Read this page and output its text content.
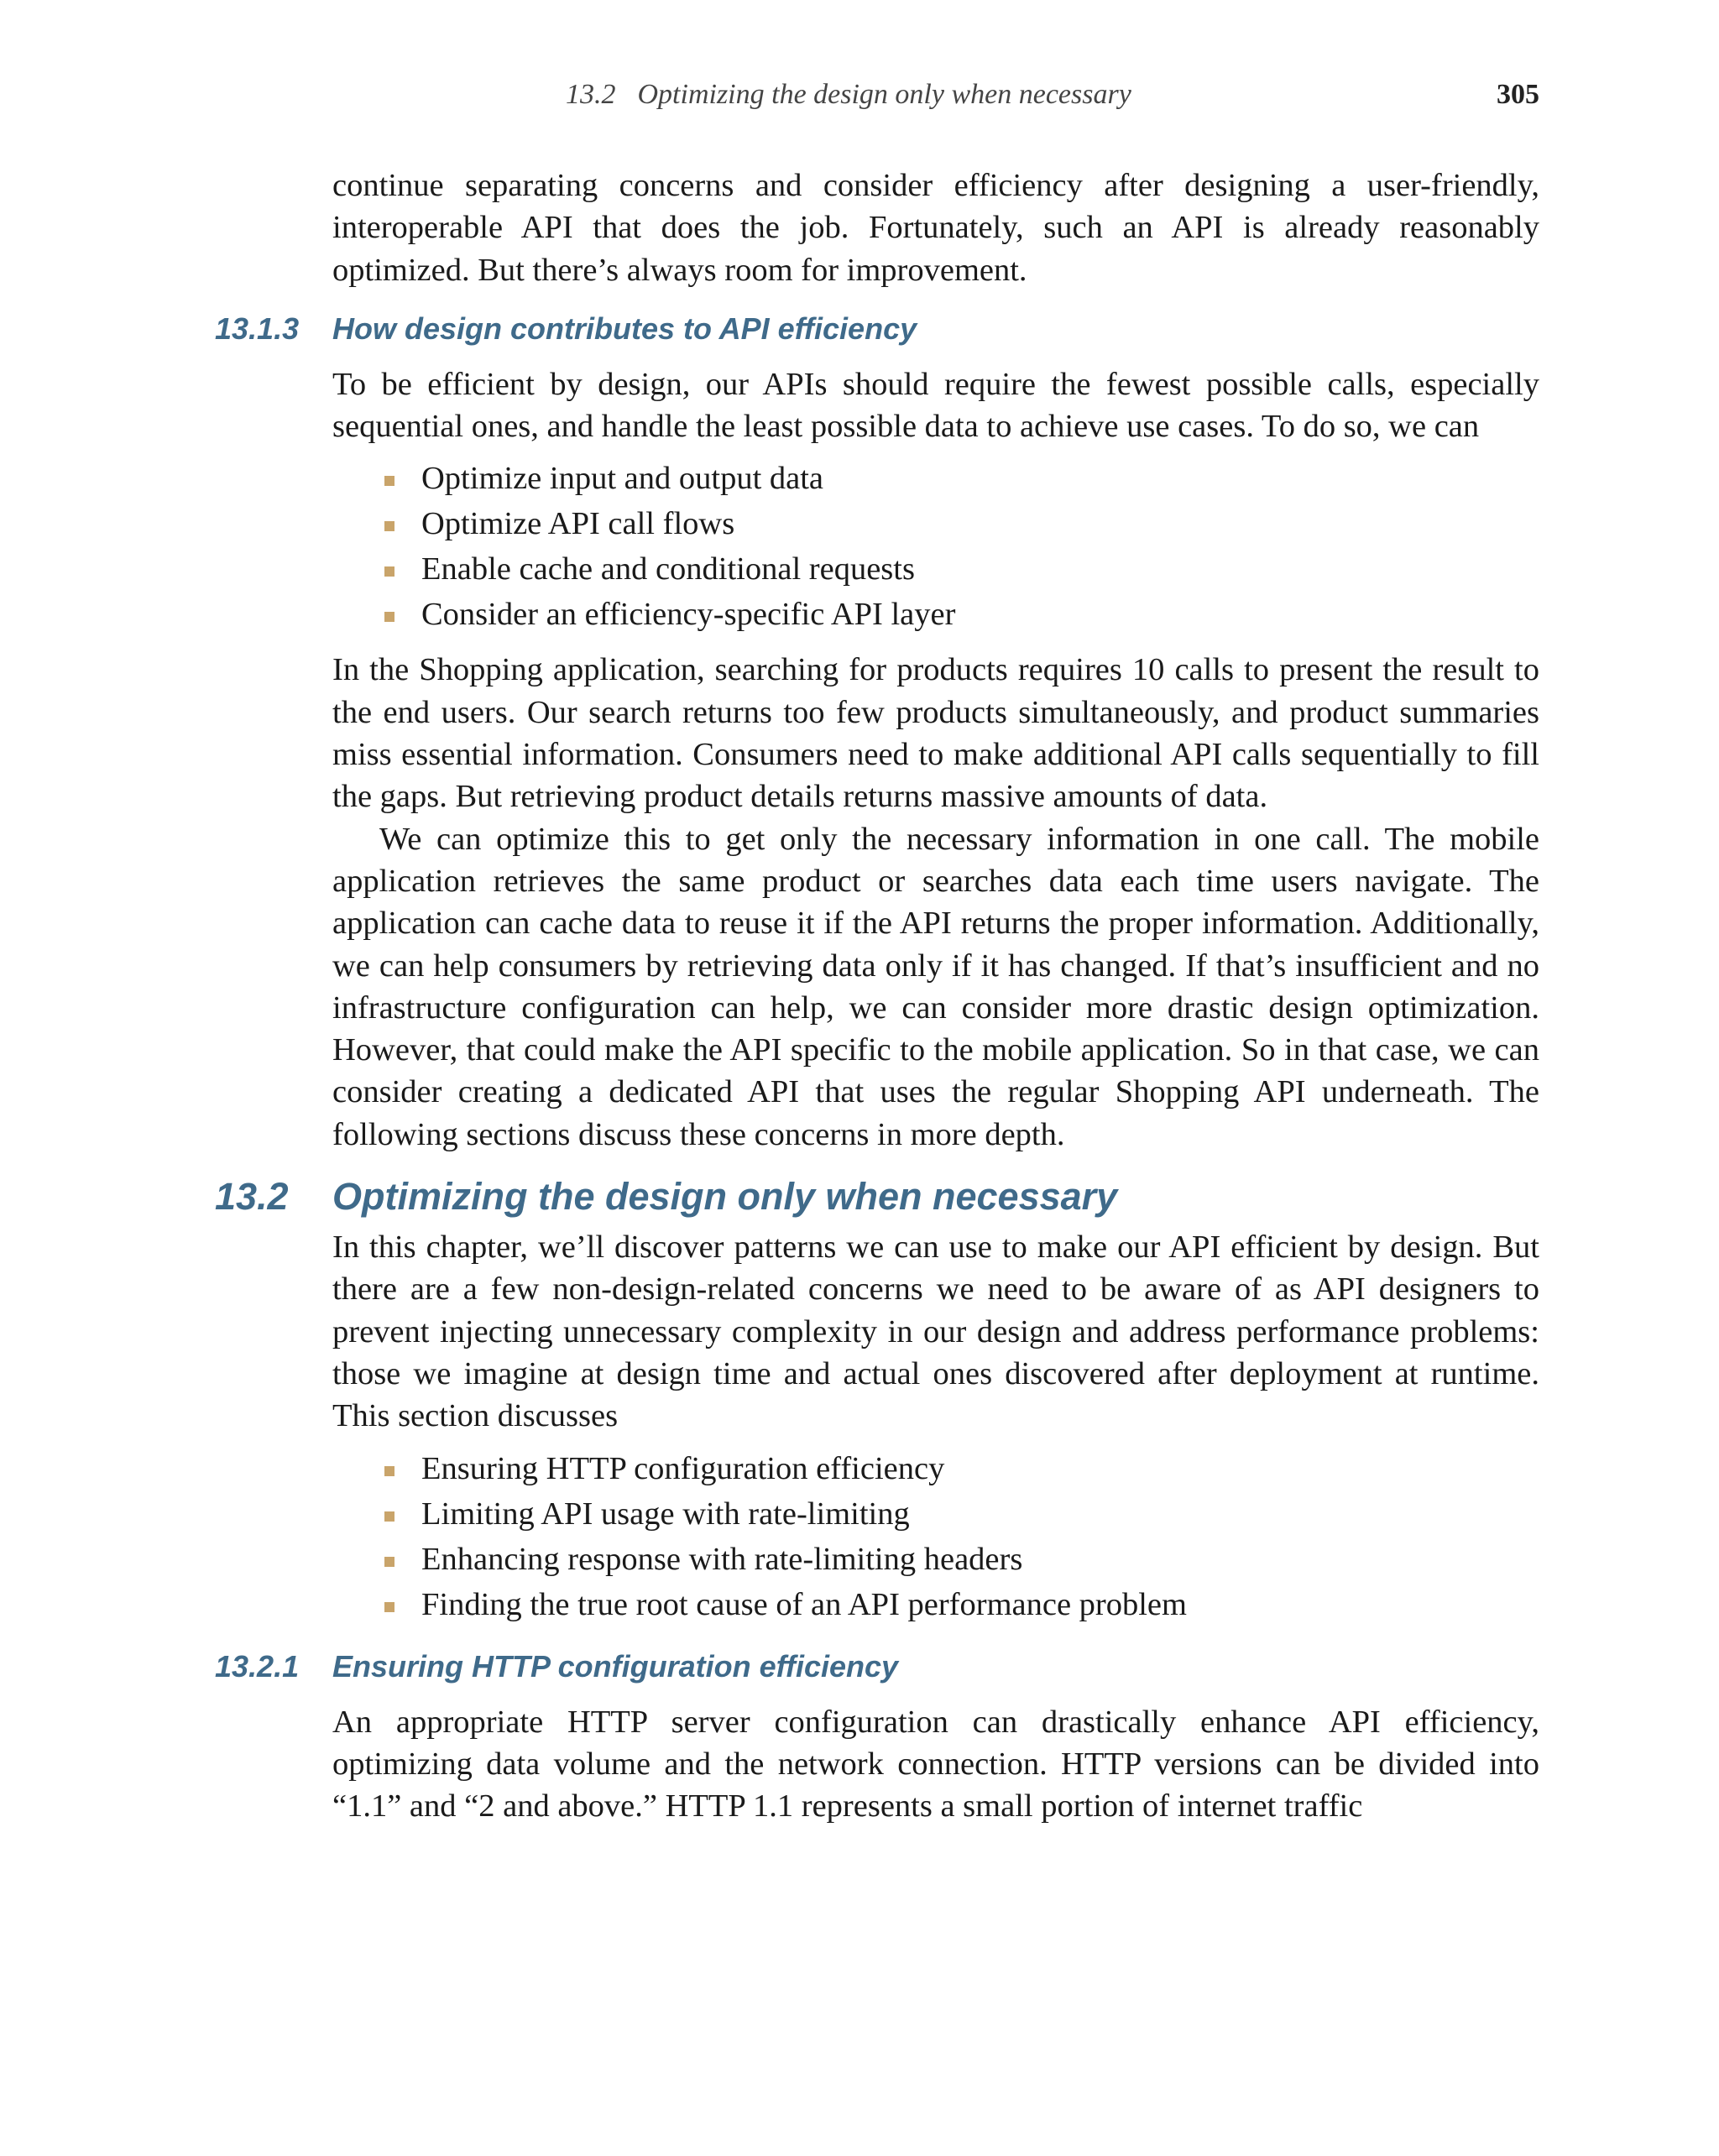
13.2 Optimizing the design only when necessary	305

continue separating concerns and consider efficiency after designing a user-friendly, interoperable API that does the job. Fortunately, such an API is already reasonably optimized. But there’s always room for improvement.

13.1.3 How design contributes to API efficiency

To be efficient by design, our APIs should require the fewest possible calls, especially sequential ones, and handle the least possible data to achieve use cases. To do so, we can

Optimize input and output data
Optimize API call flows
Enable cache and conditional requests
Consider an efficiency-specific API layer

In the Shopping application, searching for products requires 10 calls to present the result to the end users. Our search returns too few products simultaneously, and product summaries miss essential information. Consumers need to make additional API calls sequentially to fill the gaps. But retrieving product details returns massive amounts of data.

We can optimize this to get only the necessary information in one call. The mobile application retrieves the same product or searches data each time users navigate. The application can cache data to reuse it if the API returns the proper information. Additionally, we can help consumers by retrieving data only if it has changed. If that’s insufficient and no infrastructure configuration can help, we can consider more drastic design optimization. However, that could make the API specific to the mobile application. So in that case, we can consider creating a dedicated API that uses the regular Shopping API underneath. The following sections discuss these concerns in more depth.

13.2 Optimizing the design only when necessary

In this chapter, we’ll discover patterns we can use to make our API efficient by design. But there are a few non-design-related concerns we need to be aware of as API designers to prevent injecting unnecessary complexity in our design and address performance problems: those we imagine at design time and actual ones discovered after deployment at runtime. This section discusses

Ensuring HTTP configuration efficiency
Limiting API usage with rate-limiting
Enhancing response with rate-limiting headers
Finding the true root cause of an API performance problem
13.2.1 Ensuring HTTP configuration efficiency

An appropriate HTTP server configuration can drastically enhance API efficiency, optimizing data volume and the network connection. HTTP versions can be divided into “1.1” and “2 and above.” HTTP 1.1 represents a small portion of internet traffic
